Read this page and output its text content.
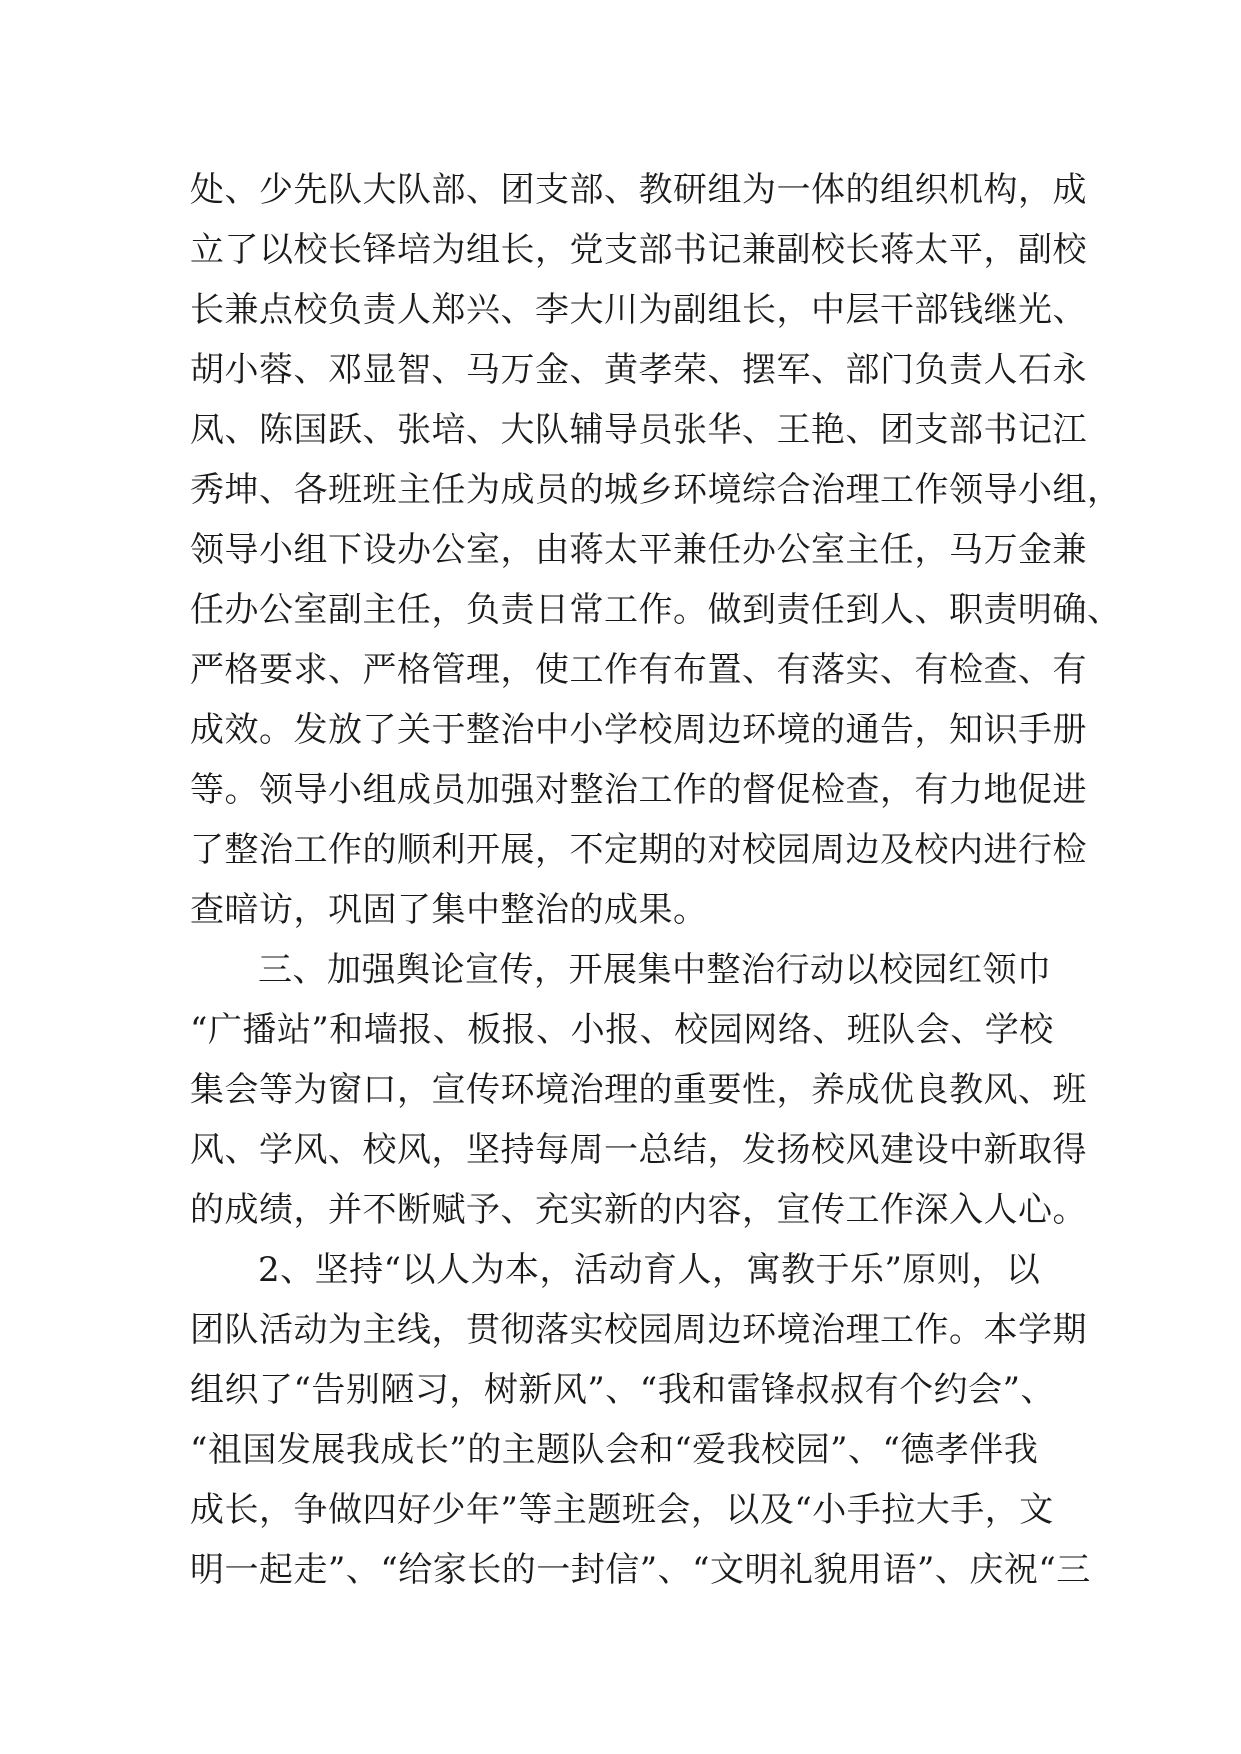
处、少先队大队部、团支部、教研组为一体的组织机构，成
立了以校长铎培为组长，党支部书记兼副校长蒋太平，副校
长兼点校负责人郑兴、李大川为副组长，中层干部钱继光、
胡小蓉、邓显智、马万金、黄孝荣、摆军、部门负责人石永
凤、陈国跃、张培、大队辅导员张华、王艳、团支部书记江
秀坤、各班班主任为成员的城乡环境综合治理工作领导小组，
领导小组下设办公室，由蒋太平兼任办公室主任，马万金兼
任办公室副主任，负责日常工作。做到责任到人、职责明确、
严格要求、严格管理，使工作有布置、有落实、有检查、有
成效。发放了关于整治中小学校周边环境的通告，知识手册
等。领导小组成员加强对整治工作的督促检查，有力地促进
了整治工作的顺利开展，不定期的对校园周边及校内进行检
查暗访，巩固了集中整治的成果。
三、加强舆论宣传，开展集中整治行动以校园红领巾
“广播站”和墙报、板报、小报、校园网络、班队会、学校
集会等为窗口，宣传环境治理的重要性，养成优良教风、班
风、学风、校风，坚持每周一总结，发扬校风建设中新取得
的成绩，并不断赋予、充实新的内容，宣传工作深入人心。
2、坚持“以人为本，活动育人，寓教于乐”原则，以
团队活动为主线，贯彻落实校园周边环境治理工作。本学期
组织了“告别陋习，树新风”、“我和雷锋叔叔有个约会”、
“祖国发展我成长”的主题队会和“爱我校园”、“德孝伴我
成长，争做四好少年”等主题班会，以及“小手拉大手，文
明一起走”、“给家长的一封信”、“文明礼貌用语”、庆祝“三
